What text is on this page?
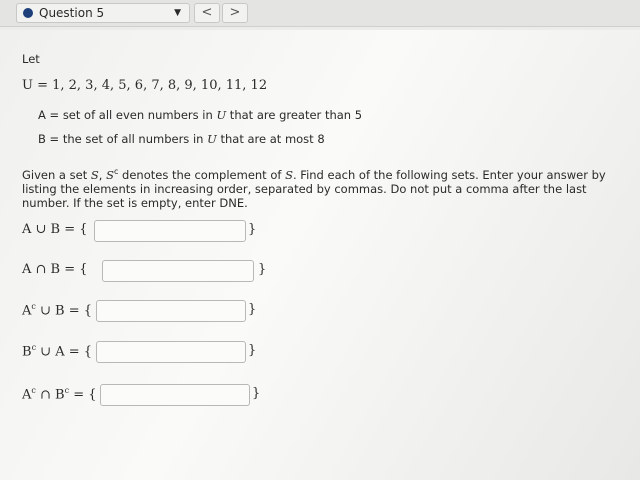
Question 5	▼	<	>
Let
U = 1, 2, 3, 4, 5, 6, 7, 8, 9, 10, 11, 12
A = set of all even numbers in U that are greater than 5
B = the set of all numbers in U that are at most 8
Given a set S, $S^c$ denotes the complement of S. Find each of the following sets. Enter your answer by listing the elements in increasing order, separated by commas. Do not put a comma after the last number. If the set is empty, enter DNE.
A ∪ B = {	}
A ∩ B = {	}
$A^c$ ∪ B = {	}
$B^c$ ∪ A = {	}
$A^c$ ∩ $B^c$ = {	}
